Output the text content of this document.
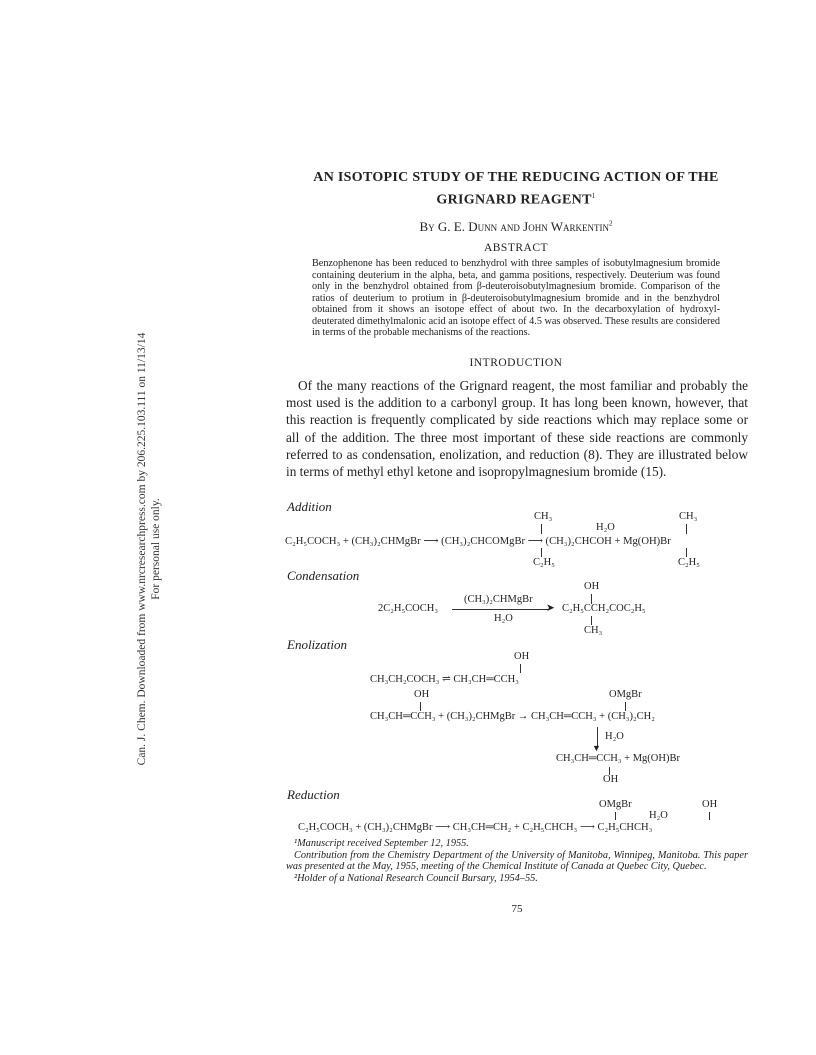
Can. J. Chem. Downloaded from www.nrcresearchpress.com by 206.225.103.111 on 11/13/14 For personal use only.
AN ISOTOPIC STUDY OF THE REDUCING ACTION OF THE
GRIGNARD REAGENT$^1$
By G. E. Dunn and John Warkentin$^2$
ABSTRACT
Benzophenone has been reduced to benzhydrol with three samples of isobutylmagnesium bromide containing deuterium in the alpha, beta, and gamma positions, respectively. Deuterium was found only in the benzhydrol obtained from β-deuteroisobutylmagnesium bromide. Comparison of the ratios of deuterium to protium in β-deuteroisobutylmagnesium bromide and in the benzhydrol obtained from it shows an isotope effect of about two. In the decarboxylation of hydroxyl-deuterated dimethylmalonic acid an isotope effect of 4.5 was observed. These results are considered in terms of the probable mechanisms of the reactions.
INTRODUCTION
Of the many reactions of the Grignard reagent, the most familiar and probably the most used is the addition to a carbonyl group. It has long been known, however, that this reaction is frequently complicated by side reactions which may replace some or all of the addition. The three most important of these side reactions are commonly referred to as condensation, enolization, and reduction (8). They are illustrated below in terms of methyl ethyl ketone and isopropylmagnesium bromide (15).
Addition
CH₃	CH₃
H₂O
C₂H₅COCH₃ + (CH₃)₂CHMgBr ⟶ (CH₃)₂CHCOMgBr ⟶ (CH₃)₂CHCOH + Mg(OH)Br
C₂H₅	C₂H₅
Condensation
OH
(CH₃)₂CHMgBr
2C₂H₅COCH₃	➤ C₂H₅CCH₂COC₂H₅
H₂O
CH₃
Enolization
OH
CH₃CH₂COCH₃ ⇌ CH₃CH═CCH₃
OH	OMgBr
CH₃CH═CCH₃ + (CH₃)₂CHMgBr → CH₃CH═CCH₃ + (CH₃)₂CH₂
▼
H₂O
CH₃CH═CCH₃ + Mg(OH)Br
OH
Reduction
OMgBr	OH
H₂O
C₂H₅COCH₃ + (CH₃)₂CHMgBr ⟶ CH₃CH═CH₂ + C₂H₅CHCH₃ ⟶ C₂H₅CHCH₃
¹Manuscript received September 12, 1955.
Contribution from the Chemistry Department of the University of Manitoba, Winnipeg, Manitoba. This paper was presented at the May, 1955, meeting of the Chemical Institute of Canada at Quebec City, Quebec.
²Holder of a National Research Council Bursary, 1954–55.
75
